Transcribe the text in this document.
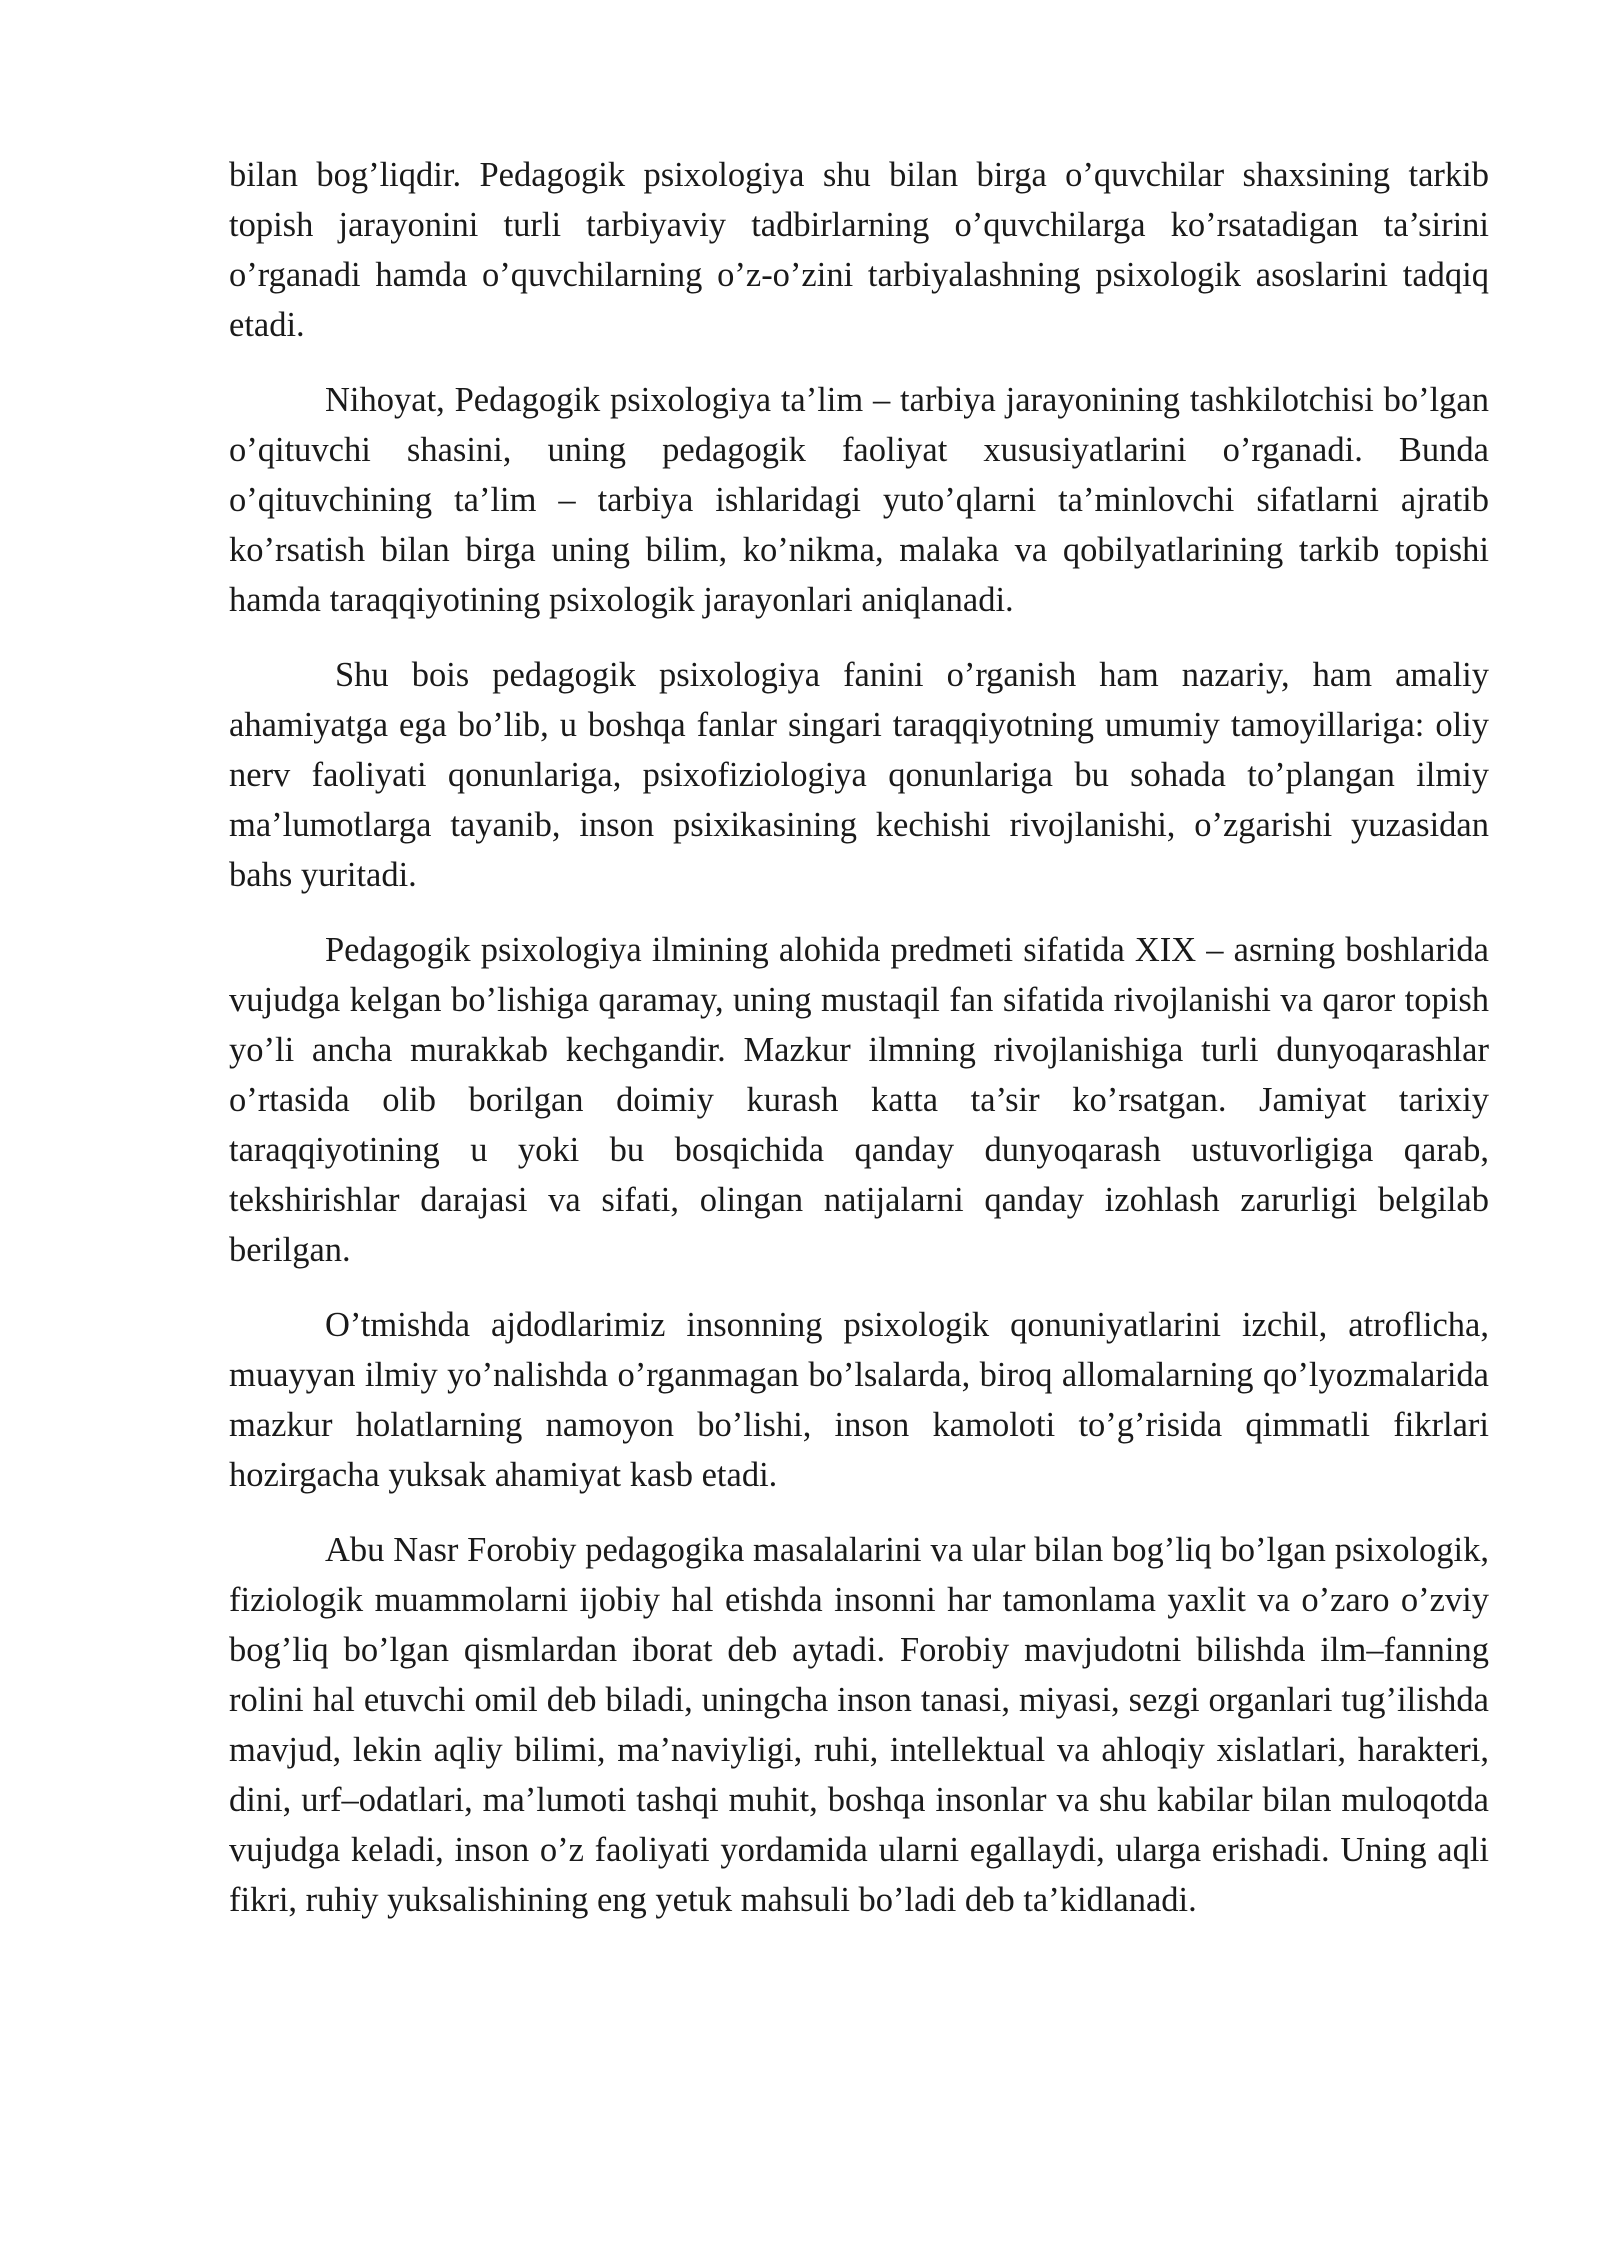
bilan bog’liqdir. Pedagogik psixologiya shu bilan birga o’quvchilar shaxsining tarkib topish jarayonini turli tarbiyaviy tadbirlarning o’quvchilarga ko’rsatadigan ta’sirini o’rganadi hamda o’quvchilarning o’z-o’zini tarbiyalashning psixologik asoslarini tadqiq etadi.

Nihoyat, Pedagogik psixologiya ta’lim – tarbiya jarayonining tashkilotchisi bo’lgan o’qituvchi shasini, uning pedagogik faoliyat xususiyatlarini o’rganadi. Bunda o’qituvchining ta’lim – tarbiya ishlaridagi yuto’qlarni ta’minlovchi sifatlarni ajratib ko’rsatish bilan birga uning bilim, ko’nikma, malaka va qobilyatlarining tarkib topishi hamda taraqqiyotining psixologik jarayonlari aniqlanadi.

Shu bois pedagogik psixologiya fanini o’rganish ham nazariy, ham amaliy ahamiyatga ega bo’lib, u boshqa fanlar singari taraqqiyotning umumiy tamoyillariga: oliy nerv faoliyati qonunlariga, psixofiziologiya qonunlariga bu sohada to’plangan ilmiy ma’lumotlarga tayanib, inson psixikasining kechishi rivojlanishi, o’zgarishi yuzasidan bahs yuritadi.

Pedagogik psixologiya ilmining alohida predmeti sifatida XIX – asrning boshlarida vujudga kelgan bo’lishiga qaramay, uning mustaqil fan sifatida rivojlanishi va qaror topish yo’li ancha murakkab kechgandir. Mazkur ilmning rivojlanishiga turli dunyoqarashlar o’rtasida olib borilgan doimiy kurash katta ta’sir ko’rsatgan. Jamiyat tarixiy taraqqiyotining u yoki bu bosqichida qanday dunyoqarash ustuvorligiga qarab, tekshirishlar darajasi va sifati, olingan natijalarni qanday izohlash zarurligi belgilab berilgan.

O’tmishda ajdodlarimiz insonning psixologik qonuniyatlarini izchil, atroflicha, muayyan ilmiy yo’nalishda o’rganmagan bo’lsalarda, biroq allomalarning qo’lyozmalarida mazkur holatlarning namoyon bo’lishi, inson kamoloti to’g’risida qimmatli fikrlari hozirgacha yuksak ahamiyat kasb etadi.

Abu Nasr Forobiy pedagogika masalalarini va ular bilan bog’liq bo’lgan psixologik, fiziologik muammolarni ijobiy hal etishda insonni har tamonlama yaxlit va o’zaro o’zviy bog’liq bo’lgan qismlardan iborat deb aytadi. Forobiy mavjudotni bilishda ilm–fanning rolini hal etuvchi omil deb biladi, uningcha inson tanasi, miyasi, sezgi organlari tug’ilishda mavjud, lekin aqliy bilimi, ma’naviyligi, ruhi, intellektual va ahloqiy xislatlari, harakteri, dini, urf–odatlari, ma’lumoti tashqi muhit, boshqa insonlar va shu kabilar bilan muloqotda vujudga keladi, inson o’z faoliyati yordamida ularni egallaydi, ularga erishadi. Uning aqli fikri, ruhiy yuksalishining eng yetuk mahsuli bo’ladi deb ta’kidlanadi.
